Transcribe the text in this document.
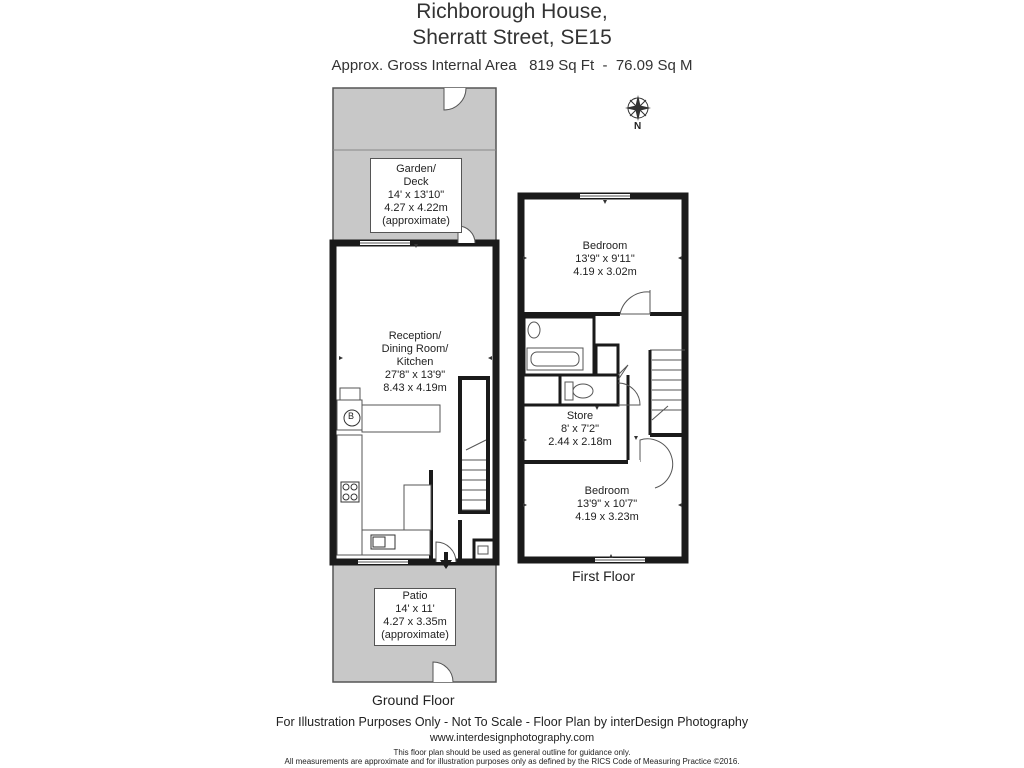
Richborough House,
Sherratt Street, SE15
Approx. Gross Internal Area 819 Sq Ft - 76.09 Sq M
N
Garden/
Deck
14' x 13'10"
4.27 x 4.22m
(approximate)
Reception/
Dining Room/
Kitchen
27'8" x 13'9"
8.43 x 4.19m
B
Patio
14' x 11'
4.27 x 3.35m
(approximate)
Ground Floor
Bedroom
13'9" x 9'11"
4.19 x 3.02m
Store
8' x 7'2"
2.44 x 2.18m
Bedroom
13'9" x 10'7"
4.19 x 3.23m
First Floor
For Illustration Purposes Only - Not To Scale - Floor Plan by interDesign Photography
www.interdesignphotography.com
This floor plan should be used as general outline for guidance only.
All measurements are approximate and for illustration purposes only as defined by the RICS Code of Measuring Practice ©2016.
